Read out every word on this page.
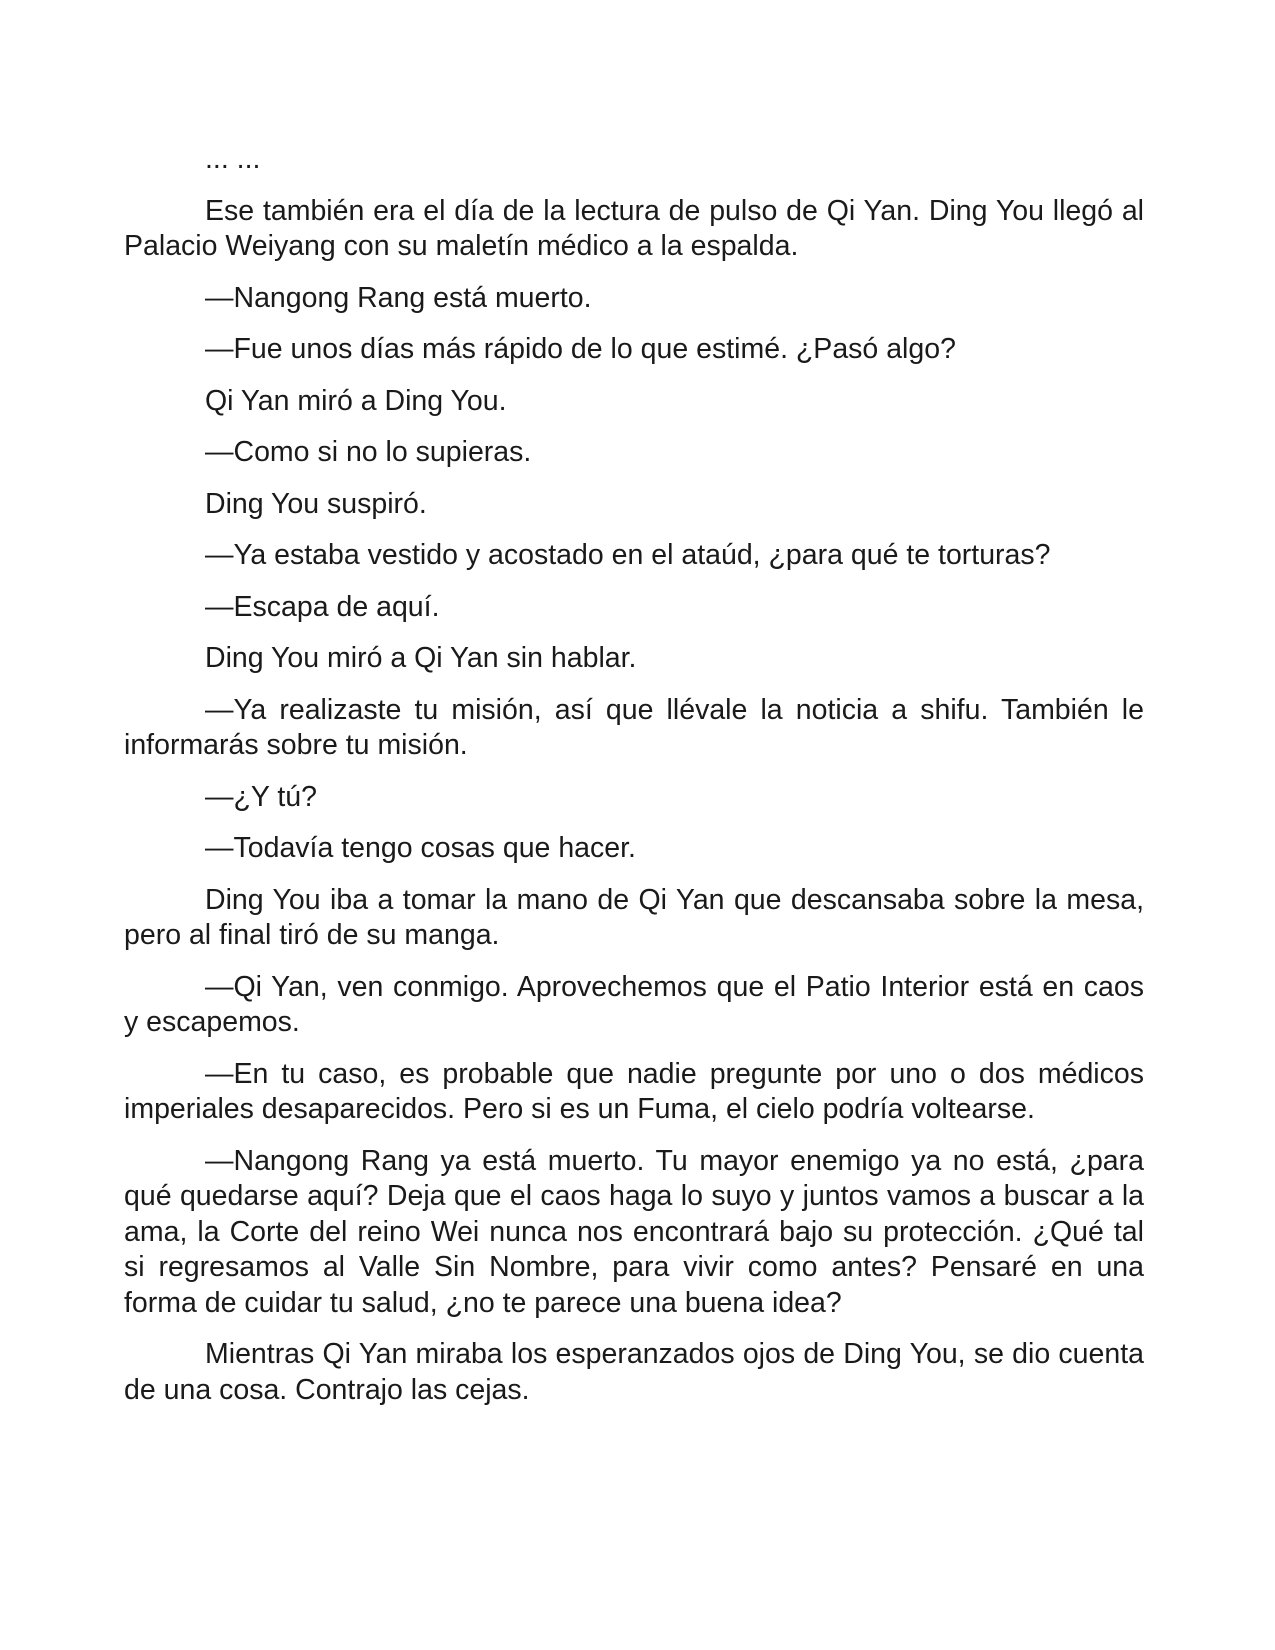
... ...

Ese también era el día de la lectura de pulso de Qi Yan. Ding You llegó al Palacio Weiyang con su maletín médico a la espalda.

—Nangong Rang está muerto.

—Fue unos días más rápido de lo que estimé. ¿Pasó algo?

Qi Yan miró a Ding You.

—Como si no lo supieras.

Ding You suspiró.

—Ya estaba vestido y acostado en el ataúd, ¿para qué te torturas?

—Escapa de aquí.

Ding You miró a Qi Yan sin hablar.

—Ya realizaste tu misión, así que llévale la noticia a shifu. También le informarás sobre tu misión.

—¿Y tú?

—Todavía tengo cosas que hacer.

Ding You iba a tomar la mano de Qi Yan que descansaba sobre la mesa, pero al final tiró de su manga.

—Qi Yan, ven conmigo. Aprovechemos que el Patio Interior está en caos y escapemos.

—En tu caso, es probable que nadie pregunte por uno o dos médicos imperiales desaparecidos. Pero si es un Fuma, el cielo podría voltearse.

—Nangong Rang ya está muerto. Tu mayor enemigo ya no está, ¿para qué quedarse aquí? Deja que el caos haga lo suyo y juntos vamos a buscar a la ama, la Corte del reino Wei nunca nos encontrará bajo su protección. ¿Qué tal si regresamos al Valle Sin Nombre, para vivir como antes? Pensaré en una forma de cuidar tu salud, ¿no te parece una buena idea?

Mientras Qi Yan miraba los esperanzados ojos de Ding You, se dio cuenta de una cosa. Contrajo las cejas.
